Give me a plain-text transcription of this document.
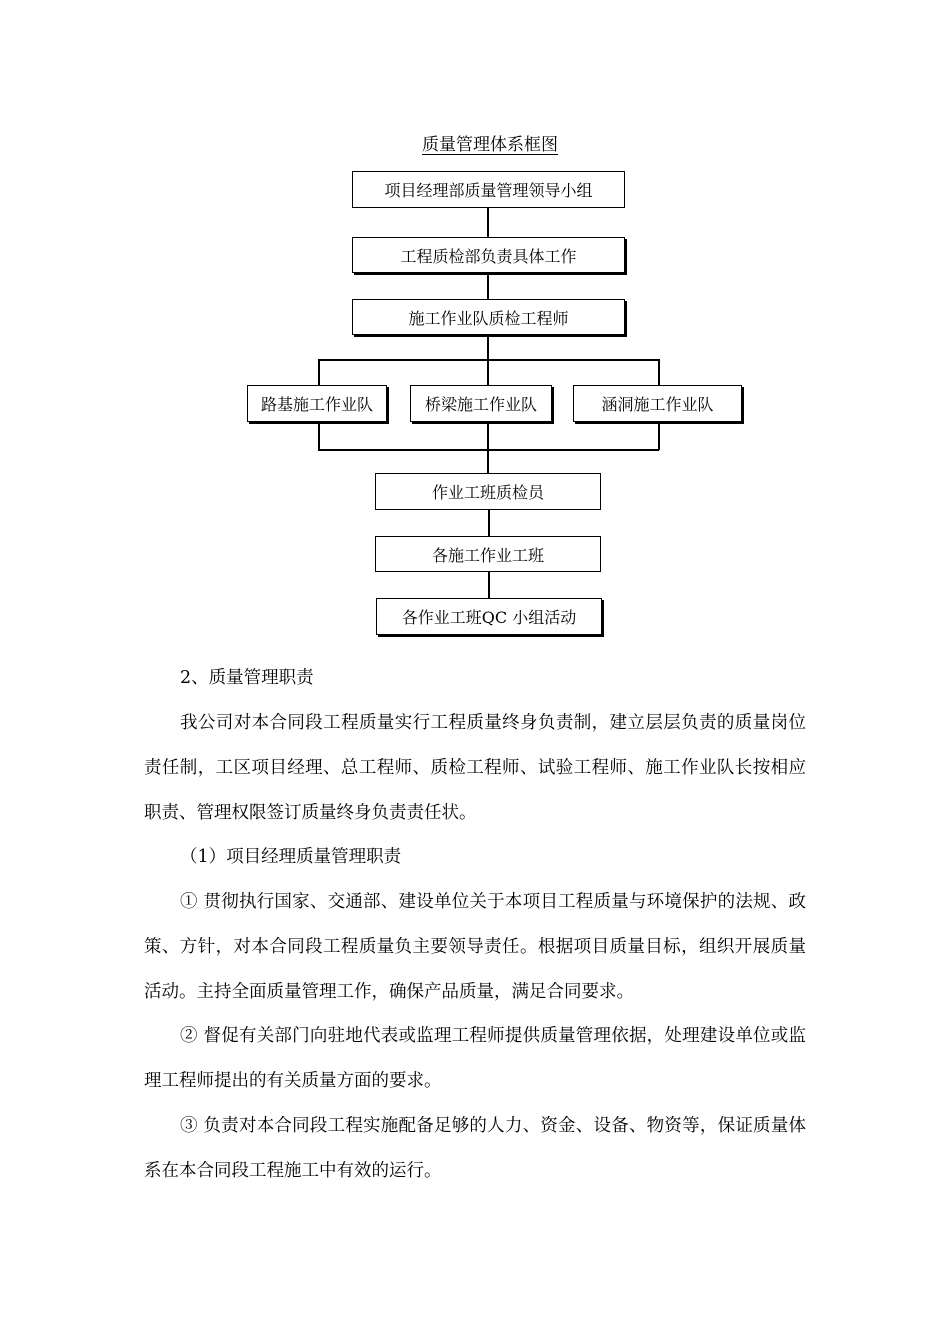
质量管理体系框图
项目经理部质量管理领导小组
工程质检部负责具体工作
施工作业队质检工程师
路基施工作业队	桥梁施工作业队	涵洞施工作业队
作业工班质检员
各施工作业工班
各作业工班QC 小组活动
2、质量管理职责
我公司对本合同段工程质量实行工程质量终身负责制，建立层层负责的质量岗位责任制，工区项目经理、总工程师、质检工程师、试验工程师、施工作业队长按相应职责、管理权限签订质量终身负责责任状。
（1）项目经理质量管理职责
① 贯彻执行国家、交通部、建设单位关于本项目工程质量与环境保护的法规、政策、方针，对本合同段工程质量负主要领导责任。根据项目质量目标，组织开展质量活动。主持全面质量管理工作，确保产品质量，满足合同要求。
② 督促有关部门向驻地代表或监理工程师提供质量管理依据，处理建设单位或监理工程师提出的有关质量方面的要求。
③ 负责对本合同段工程实施配备足够的人力、资金、设备、物资等，保证质量体系在本合同段工程施工中有效的运行。
